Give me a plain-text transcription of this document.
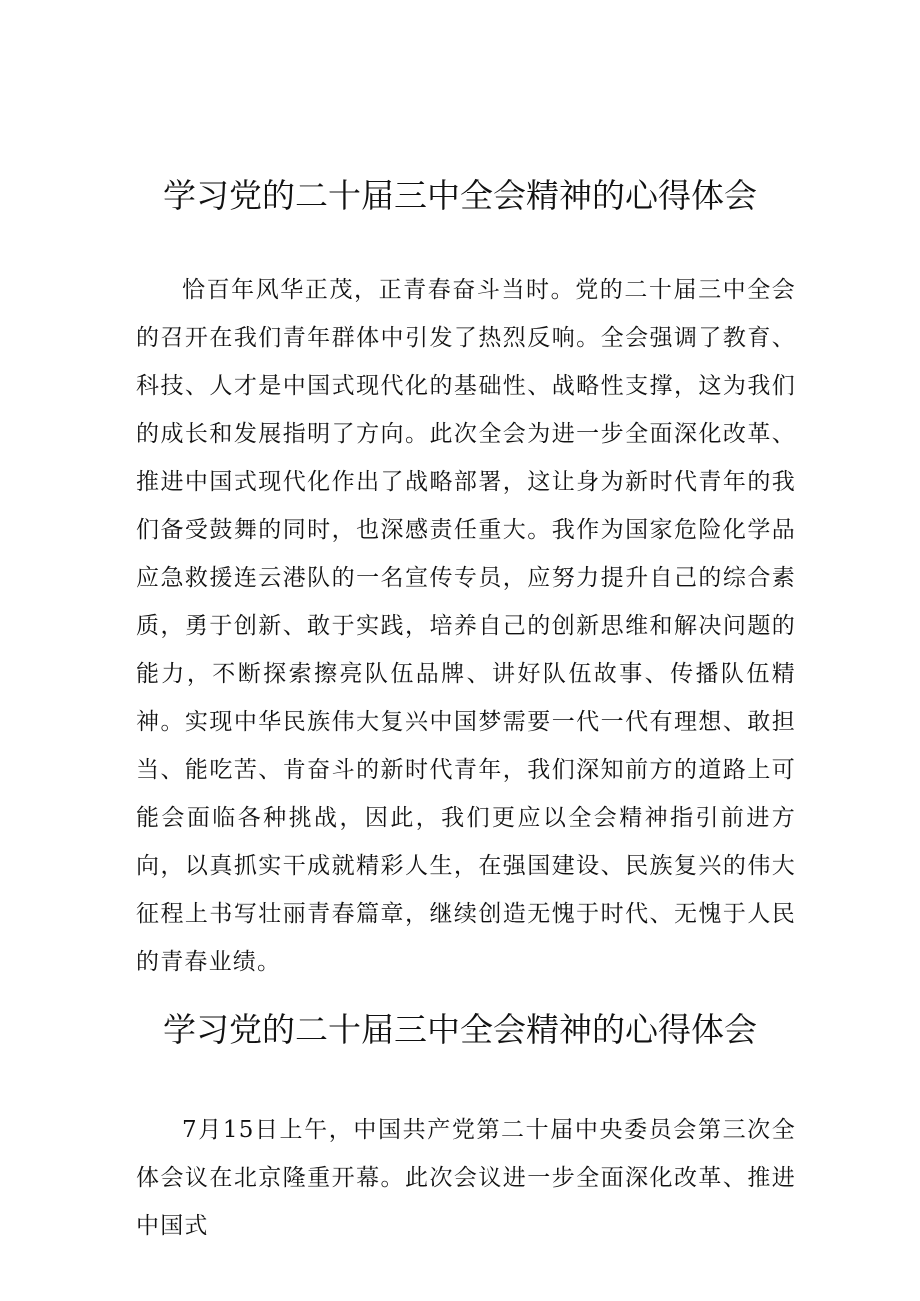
学习党的二十届三中全会精神的心得体会

恰百年风华正茂，正青春奋斗当时。党的二十届三中全会的召开在我们青年群体中引发了热烈反响。全会强调了教育、科技、人才是中国式现代化的基础性、战略性支撑，这为我们的成长和发展指明了方向。此次全会为进一步全面深化改革、推进中国式现代化作出了战略部署，这让身为新时代青年的我们备受鼓舞的同时，也深感责任重大。我作为国家危险化学品应急救援连云港队的一名宣传专员，应努力提升自己的综合素质，勇于创新、敢于实践，培养自己的创新思维和解决问题的能力，不断探索擦亮队伍品牌、讲好队伍故事、传播队伍精神。实现中华民族伟大复兴中国梦需要一代一代有理想、敢担当、能吃苦、肯奋斗的新时代青年，我们深知前方的道路上可能会面临各种挑战，因此，我们更应以全会精神指引前进方向，以真抓实干成就精彩人生，在强国建设、民族复兴的伟大征程上书写壮丽青春篇章，继续创造无愧于时代、无愧于人民的青春业绩。

学习党的二十届三中全会精神的心得体会

7月15日上午，中国共产党第二十届中央委员会第三次全体会议在北京隆重开幕。此次会议进一步全面深化改革、推进中国式
